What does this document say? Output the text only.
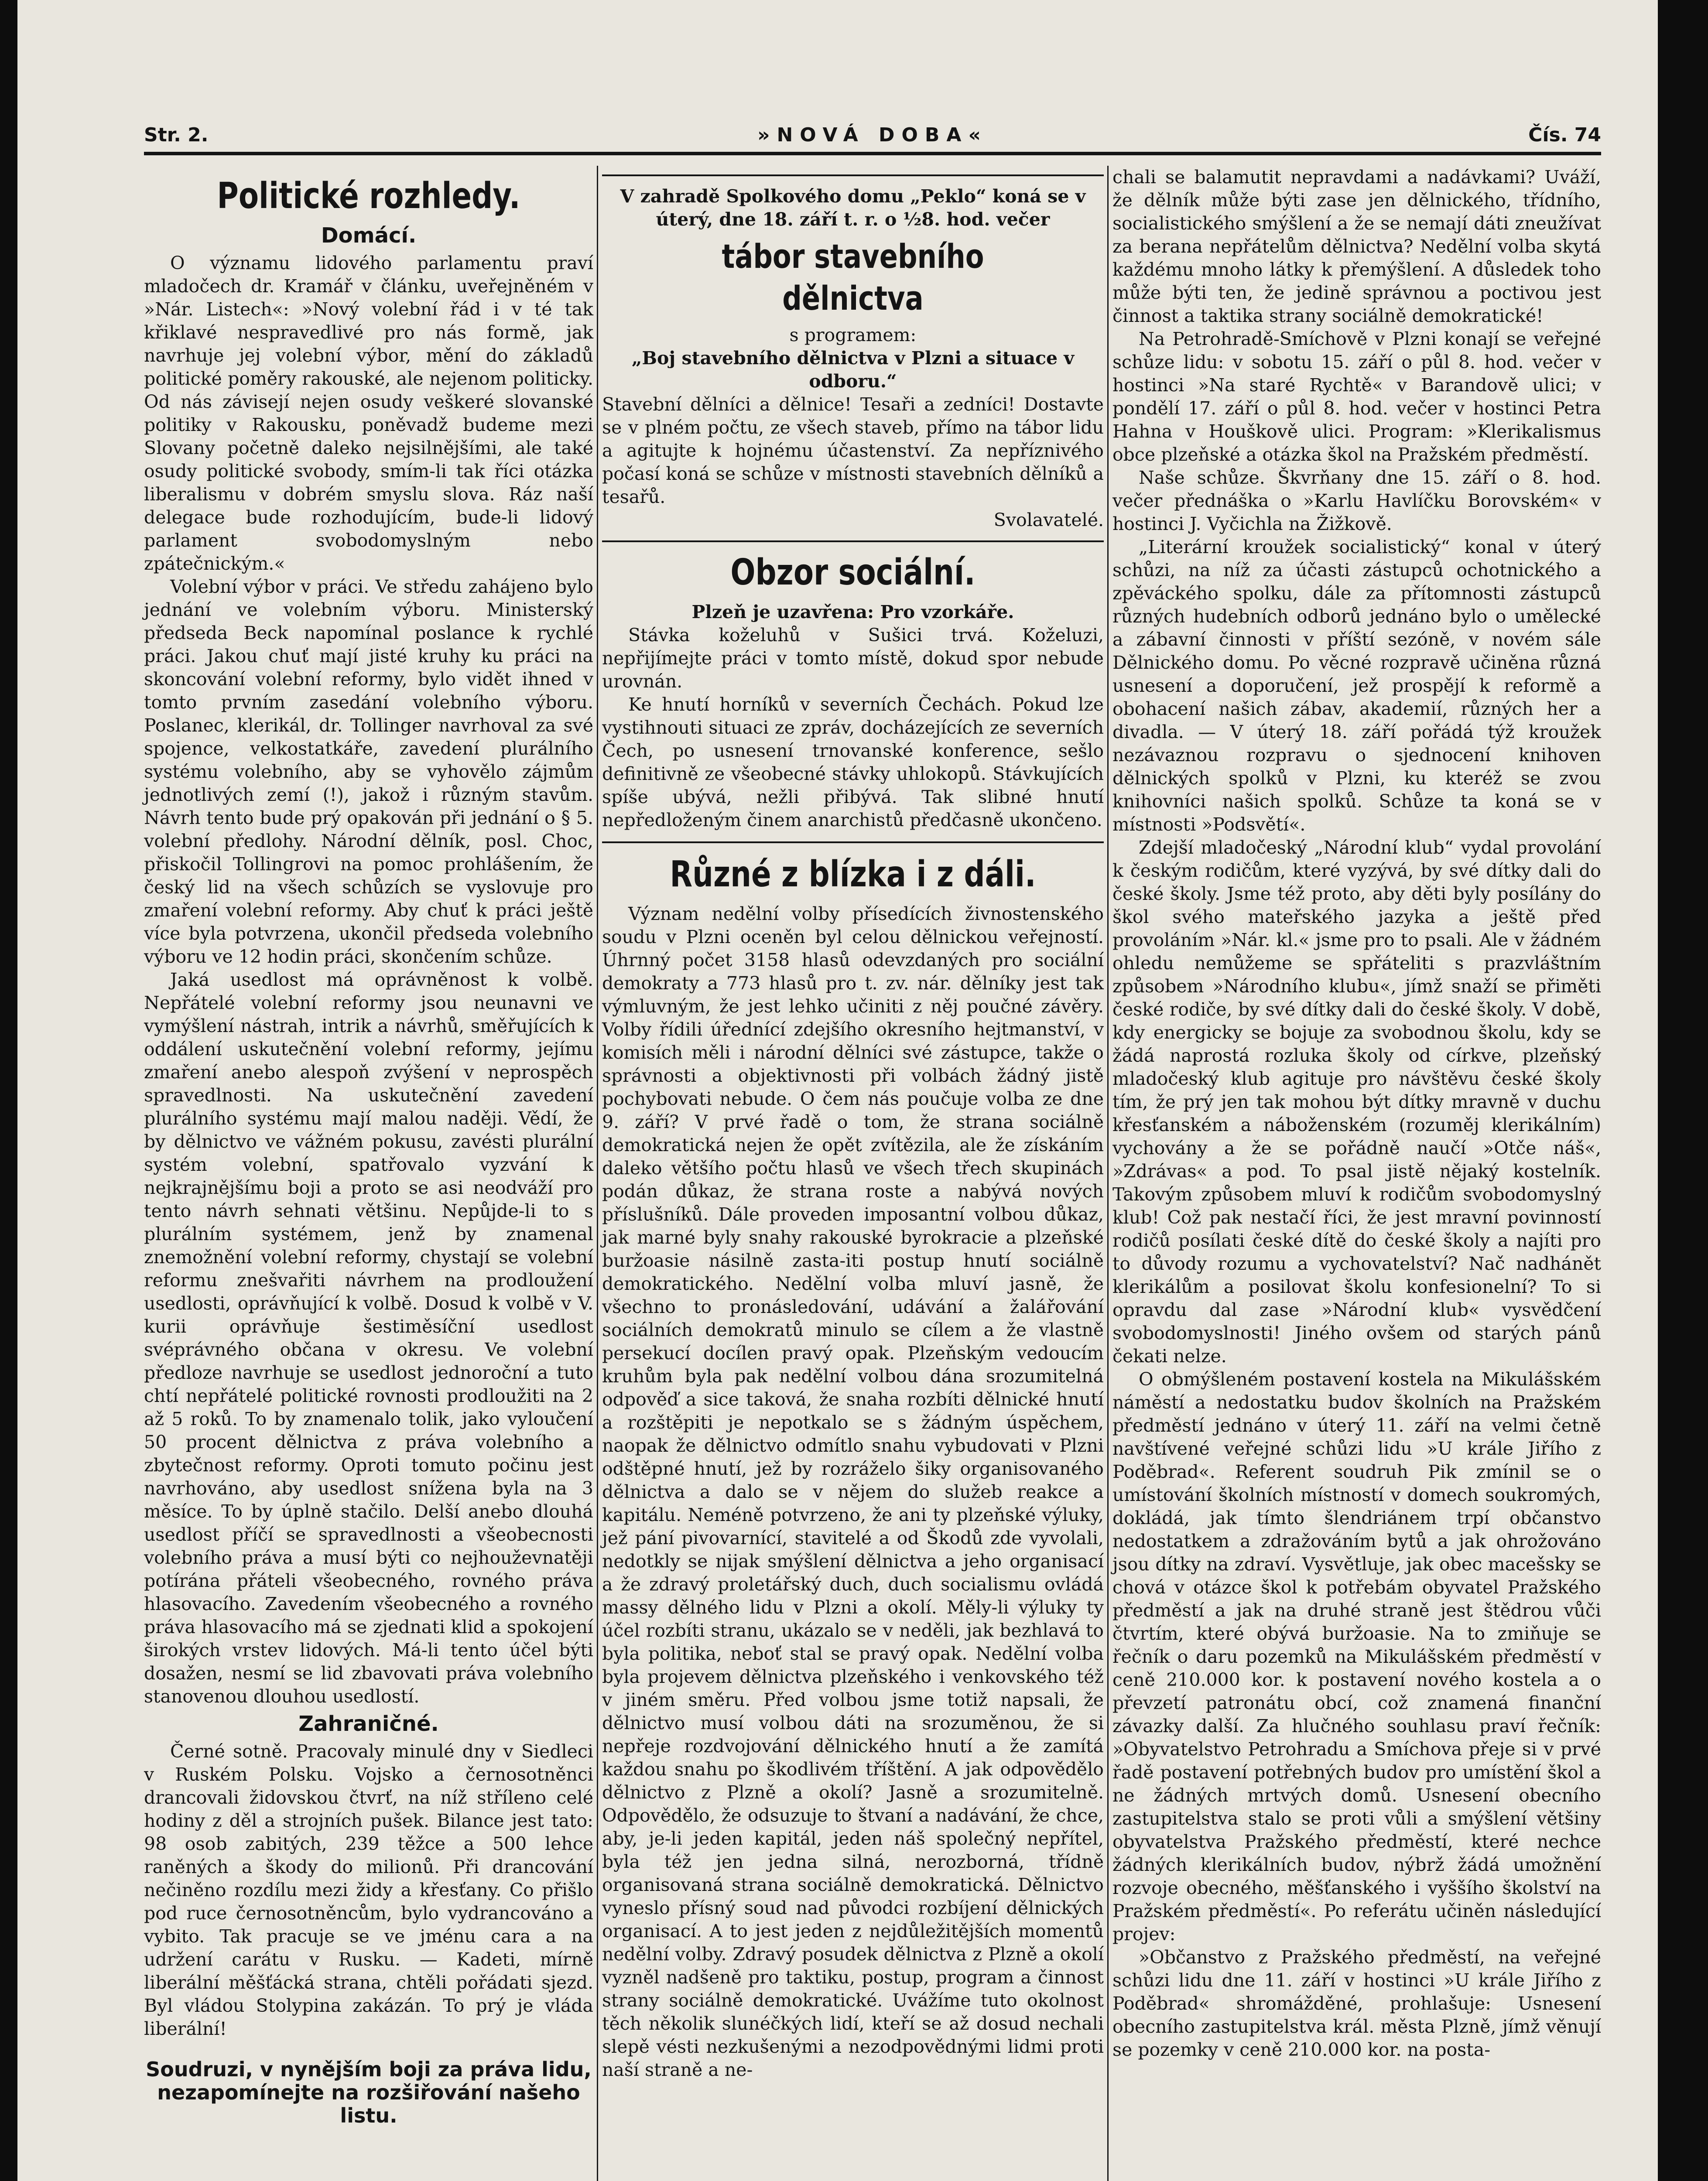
Str. 2.	»NOVÁ DOBA«	Čís. 74
Politické rozhledy.
Domácí.

O významu lidového parlamentu praví mladočech dr. Kramář v článku, uveřejněném v »Nár. Listech«: »Nový volební řád i v té tak křiklavé nespravedlivé pro nás formě, jak navrhuje jej volební výbor, mění do základů politické poměry rakouské, ale nejenom politicky. Od nás závisejí nejen osudy veškeré slovanské politiky v Rakousku, poněvadž budeme mezi Slovany početně daleko nejsilnějšími, ale také osudy politické svobody, smím-li tak říci otázka liberalismu v dobrém smyslu slova. Ráz naší delegace bude rozhodujícím, bude-li lidový parlament svobodomyslným nebo zpátečnickým.«

Volební výbor v práci. Ve středu zahájeno bylo jednání ve volebním výboru. Ministerský předseda Beck napomínal poslance k rychlé práci. Jakou chuť mají jisté kruhy ku práci na skoncování volební reformy, bylo vidět ihned v tomto prvním zasedání volebního výboru. Poslanec, klerikál, dr. Tollinger navrhoval za své spojence, velkostatkáře, zavedení plurálního systému volebního, aby se vyhovělo zájmům jednotlivých zemí (!), jakož i různým stavům. Návrh tento bude prý opakován při jednání o § 5. volební předlohy. Národní dělník, posl. Choc, přiskočil Tollingrovi na pomoc prohlášením, že český lid na všech schůzích se vyslovuje pro zmaření volební reformy. Aby chuť k práci ještě více byla potvrzena, ukončil předseda volebního výboru ve 12 hodin práci, skončením schůze.

Jaká usedlost má oprávněnost k volbě. Nepřátelé volební reformy jsou neunavni ve vymýšlení nástrah, intrik a návrhů, směřujících k oddálení uskutečnění volební reformy, jejímu zmaření anebo alespoň zvýšení v neprospěch spravedlnosti. Na uskutečnění zavedení plurálního systému mají malou naději. Vědí, že by dělnictvo ve vážném pokusu, zavésti plurální systém volební, spatřovalo vyzvání k nejkrajnějšímu boji a proto se asi neodváží pro tento návrh sehnati většinu. Nepůjde-li to s plurálním systémem, jenž by znamenal znemožnění volební reformy, chystají se volební reformu znešvařiti návrhem na prodloužení usedlosti, oprávňující k volbě. Dosud k volbě v V. kurii oprávňuje šestiměsíční usedlost svéprávného občana v okresu. Ve volební předloze navrhuje se usedlost jednoroční a tuto chtí nepřátelé politické rovnosti prodloužiti na 2 až 5 roků. To by znamenalo tolik, jako vyloučení 50 procent dělnictva z práva volebního a zbytečnost reformy. Oproti tomuto počinu jest navrhováno, aby usedlost snížena byla na 3 měsíce. To by úplně stačilo. Delší anebo dlouhá usedlost příčí se spravedlnosti a všeobecnosti volebního práva a musí býti co nejhouževnatěji potírána přáteli všeobecného, rovného práva hlasovacího. Zavedením všeobecného a rovného práva hlasovacího má se zjednati klid a spokojení širokých vrstev lidových. Má-li tento účel býti dosažen, nesmí se lid zbavovati práva volebního stanovenou dlouhou usedlostí.

Zahraničné.

Černé sotně. Pracovaly minulé dny v Siedleci v Ruském Polsku. Vojsko a černosotněnci drancovali židovskou čtvrť, na níž stříleno celé hodiny z děl a strojních pušek. Bilance jest tato: 98 osob zabitých, 239 těžce a 500 lehce raněných a škody do milionů. Při drancování nečiněno rozdílu mezi židy a křesťany. Co přišlo pod ruce černosotněncům, bylo vydrancováno a vybito. Tak pracuje se ve jménu cara a na udržení carátu v Rusku. — Kadeti, mírně liberální měšťácká strana, chtěli pořádati sjezd. Byl vládou Stolypina zakázán. To prý je vláda liberální!

Soudruzi, v nynějším boji za práva lidu, nezapomínejte na rozšiřování našeho listu.

V zahradě Spolkového domu „Peklo“ koná se v úterý, dne 18. září t. r. o ½8. hod. večer

tábor stavebního dělnictva

s programem:

„Boj stavebního dělnictva v Plzni a situace v odboru.“

Stavební dělníci a dělnice! Tesaři a zedníci! Dostavte se v plném počtu, ze všech staveb, přímo na tábor lidu a agitujte k hojnému účastenství. Za nepříznivého počasí koná se schůze v místnosti stavebních dělníků a tesařů.

Svolavatelé.

Obzor sociální.

Plzeň je uzavřena: Pro vzorkáře.

Stávka koželuhů v Sušici trvá. Koželuzi, nepřijímejte práci v tomto místě, dokud spor nebude urovnán.

Ke hnutí horníků v severních Čechách. Pokud lze vystihnouti situaci ze zpráv, docházejících ze severních Čech, po usnesení trnovanské konference, sešlo definitivně ze všeobecné stávky uhlokopů. Stávkujících spíše ubývá, nežli přibývá. Tak slibné hnutí nepředloženým činem anarchistů předčasně ukončeno.

Různé z blízka i z dáli.

Význam nedělní volby přísedících živnostenského soudu v Plzni oceněn byl celou dělnickou veřejností. Úhrnný počet 3158 hlasů odevzdaných pro sociální demokraty a 773 hlasů pro t. zv. nár. dělníky jest tak výmluvným, že jest lehko učiniti z něj poučné závěry. Volby řídili úřednící zdejšího okresního hejtmanství, v komisích měli i národní dělníci své zástupce, takže o správnosti a objektivnosti při volbách žádný jistě pochybovati nebude. O čem nás poučuje volba ze dne 9. září? V prvé řadě o tom, že strana sociálně demokratická nejen že opět zvítězila, ale že získáním daleko většího počtu hlasů ve všech třech skupinách podán důkaz, že strana roste a nabývá nových příslušníků. Dále proveden imposantní volbou důkaz, jak marné byly snahy rakouské byrokracie a plzeňské buržoasie násilně zasta-iti postup hnutí sociálně demokratického. Nedělní volba mluví jasně, že všechno to pronásledování, udávání a žalářování sociálních demokratů minulo se cílem a že vlastně persekucí docílen pravý opak. Plzeňským vedoucím kruhům byla pak nedělní volbou dána srozumitelná odpověď a sice taková, že snaha rozbíti dělnické hnutí a rozštěpiti je nepotkalo se s žádným úspěchem, naopak že dělnictvo odmítlo snahu vybudovati v Plzni odštěpné hnutí, jež by rozráželo šiky organisovaného dělnictva a dalo se v nějem do služeb reakce a kapitálu. Neméně potvrzeno, že ani ty plzeňské výluky, jež pání pivovarnící, stavitelé a od Škodů zde vyvolali, nedotkly se nijak smýšlení dělnictva a jeho organisací a že zdravý proletářský duch, duch socialismu ovládá massy dělného lidu v Plzni a okolí. Měly-li výluky ty účel rozbíti stranu, ukázalo se v neděli, jak bezhlavá to byla politika, neboť stal se pravý opak. Nedělní volba byla projevem dělnictva plzeňského i venkovského též v jiném směru. Před volbou jsme totiž napsali, že dělnictvo musí volbou dáti na srozuměnou, že si nepřeje rozdvojování dělnického hnutí a že zamítá každou snahu po škodlivém tříštění. A jak odpovědělo dělnictvo z Plzně a okolí? Jasně a srozumitelně. Odpovědělo, že odsuzuje to štvaní a nadávání, že chce, aby, je-li jeden kapitál, jeden náš společný nepřítel, byla též jen jedna silná, nerozborná, třídně organisovaná strana sociálně demokratická. Dělnictvo vyneslo přísný soud nad původci rozbíjení dělnických organisací. A to jest jeden z nejdůležitějších momentů nedělní volby. Zdravý posudek dělnictva z Plzně a okolí vyzněl nadšeně pro taktiku, postup, program a činnost strany sociálně demokratické. Uvážíme tuto okolnost těch několik slunéčkých lidí, kteří se až dosud nechali slepě vésti nezkušenými a nezodpovědnými lidmi proti naší straně a ne-

chali se balamutit nepravdami a nadávkami? Uváží, že dělník může býti zase jen dělnického, třídního, socialistického smýšlení a že se nemají dáti zneužívat za berana nepřátelům dělnictva? Nedělní volba skytá každému mnoho látky k přemýšlení. A důsledek toho může býti ten, že jedině správnou a poctivou jest činnost a taktika strany sociálně demokratické!

Na Petrohradě-Smíchově v Plzni konají se veřejné schůze lidu: v sobotu 15. září o půl 8. hod. večer v hostinci »Na staré Rychtě« v Barandově ulici; v pondělí 17. září o půl 8. hod. večer v hostinci Petra Hahna v Houškově ulici. Program: »Klerikalismus obce plzeňské a otázka škol na Pražském předměstí.

Naše schůze. Škvrňany dne 15. září o 8. hod. večer přednáška o »Karlu Havlíčku Borovském« v hostinci J. Vyčichla na Žižkově.

„Literární kroužek socialistický“ konal v úterý schůzi, na níž za účasti zástupců ochotnického a zpěváckého spolku, dále za přítomnosti zástupců různých hudebních odborů jednáno bylo o umělecké a zábavní činnosti v příští sezóně, v novém sále Dělnického domu. Po věcné rozpravě učiněna různá usnesení a doporučení, jež prospějí k reformě a obohacení našich zábav, akademií, různých her a divadla. — V úterý 18. září pořádá týž kroužek nezávaznou rozpravu o sjednocení knihoven dělnických spolků v Plzni, ku kteréž se zvou knihovníci našich spolků. Schůze ta koná se v místnosti »Podsvětí«.

Zdejší mladočeský „Národní klub“ vydal provolání k českým rodičům, které vyzývá, by své dítky dali do české školy. Jsme též proto, aby děti byly posílány do škol svého mateřského jazyka a ještě před provoláním »Nár. kl.« jsme pro to psali. Ale v žádném ohledu nemůžeme se spřáteliti s prazvláštním způsobem »Národního klubu«, jímž snaží se přiměti české rodiče, by své dítky dali do české školy. V době, kdy energicky se bojuje za svobodnou školu, kdy se žádá naprostá rozluka školy od církve, plzeňský mladočeský klub agituje pro návštěvu české školy tím, že prý jen tak mohou být dítky mravně v duchu křesťanském a náboženském (rozuměj klerikálním) vychovány a že se pořádně naučí »Otče náš«, »Zdrávas« a pod. To psal jistě nějaký kostelník. Takovým způsobem mluví k rodičům svobodomyslný klub! Což pak nestačí říci, že jest mravní povinností rodičů posílati české dítě do české školy a najíti pro to důvody rozumu a vychovatelství? Nač nadhánět klerikálům a posilovat školu konfesionelní? To si opravdu dal zase »Národní klub« vysvědčení svobodomyslnosti! Jiného ovšem od starých pánů čekati nelze.

O obmýšleném postavení kostela na Mikulášském náměstí a nedostatku budov školních na Pražském předměstí jednáno v úterý 11. září na velmi četně navštívené veřejné schůzi lidu »U krále Jiřího z Poděbrad«. Referent soudruh Pik zmínil se o umístování školních místností v domech soukromých, dokládá, jak tímto šlendriánem trpí občanstvo nedostatkem a zdražováním bytů a jak ohrožováno jsou dítky na zdraví. Vysvětluje, jak obec macešsky se chová v otázce škol k potřebám obyvatel Pražského předměstí a jak na druhé straně jest štědrou vůči čtvrtím, které obývá buržoasie. Na to zmiňuje se řečník o daru pozemků na Mikulášském předměstí v ceně 210.000 kor. k postavení nového kostela a o převzetí patronátu obcí, což znamená finanční závazky další. Za hlučného souhlasu praví řečník: »Obyvatelstvo Petrohradu a Smíchova přeje si v prvé řadě postavení potřebných budov pro umístění škol a ne žádných mrtvých domů. Usnesení obecního zastupitelstva stalo se proti vůli a smýšlení většiny obyvatelstva Pražského předměstí, které nechce žádných klerikálních budov, nýbrž žádá umožnění rozvoje obecného, měšťanského i vyššího školství na Pražském předměstí«. Po referátu učiněn následující projev:

»Občanstvo z Pražského předměstí, na veřejné schůzi lidu dne 11. září v hostinci »U krále Jiřího z Poděbrad« shromážděné, prohlašuje: Usnesení obecního zastupitelstva král. města Plzně, jímž věnují se pozemky v ceně 210.000 kor. na posta-
